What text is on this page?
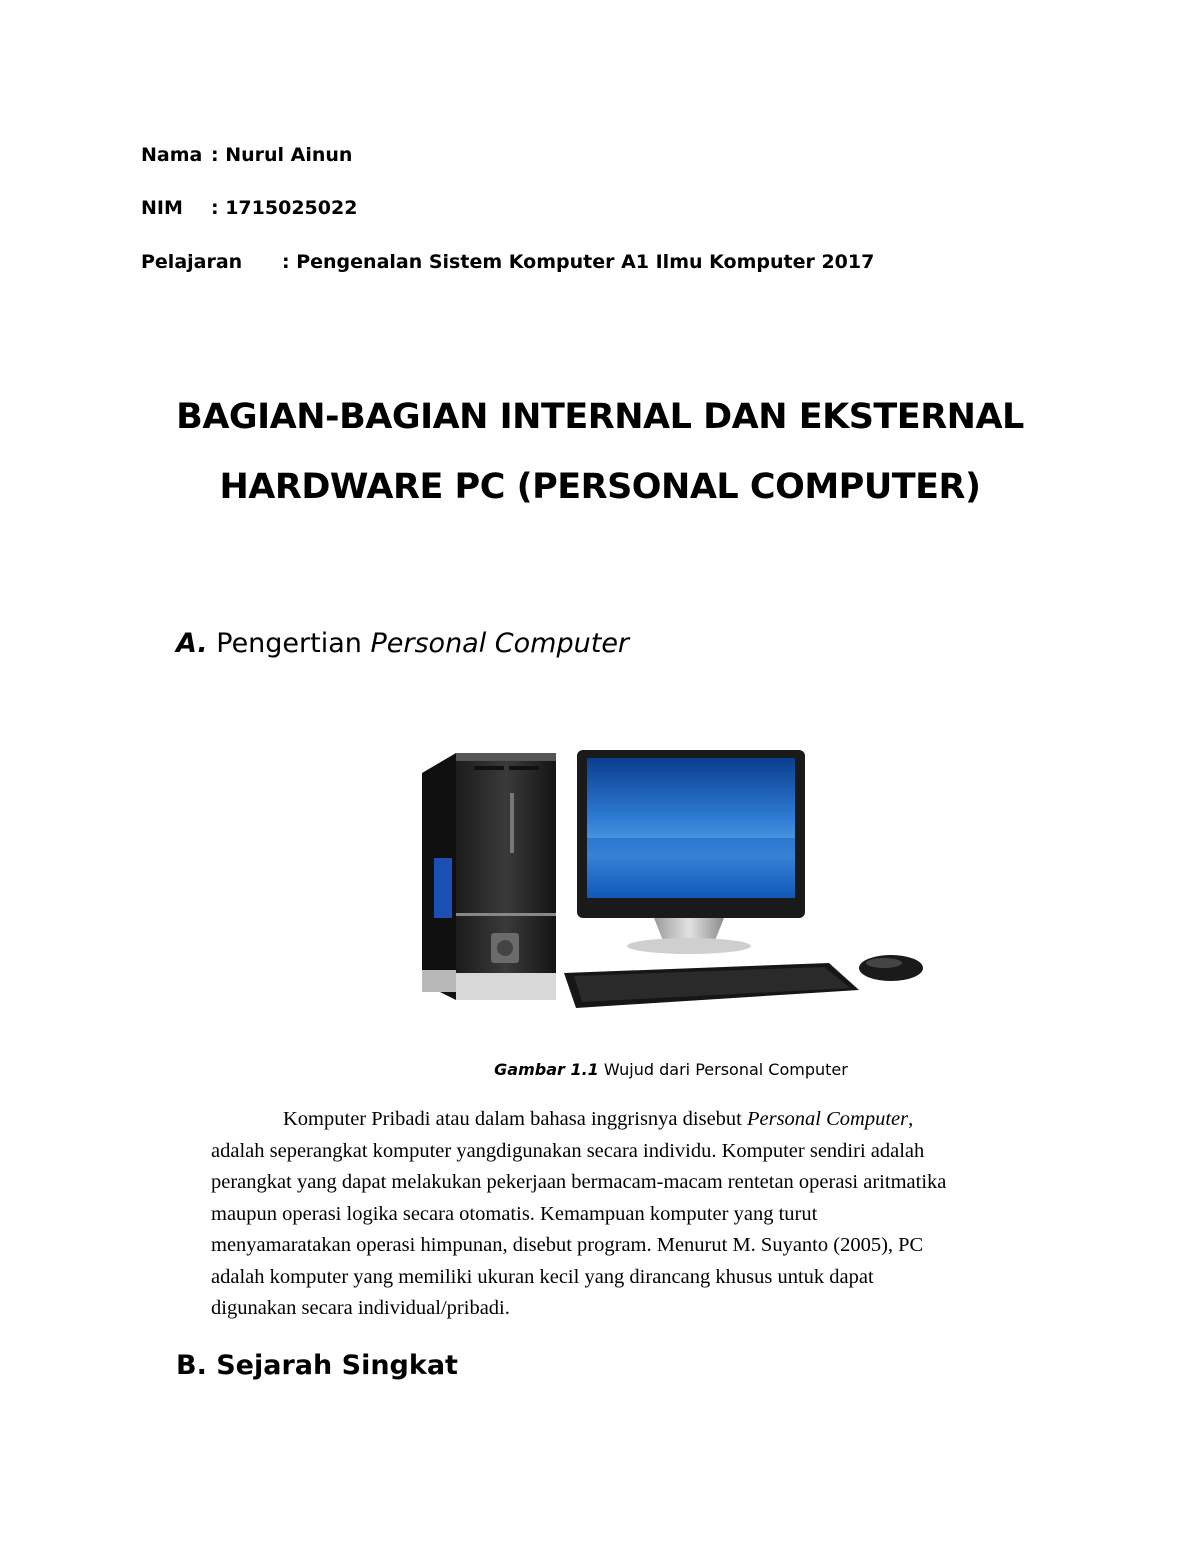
Nama : Nurul Ainun
NIM : 1715025022
Pelajaran : Pengenalan Sistem Komputer A1 Ilmu Komputer 2017
BAGIAN-BAGIAN INTERNAL DAN EKSTERNAL
HARDWARE PC (PERSONAL COMPUTER)
A. Pengertian Personal Computer
Gambar 1.1 Wujud dari Personal Computer
Komputer Pribadi atau dalam bahasa inggrisnya disebut Personal Computer,
adalah seperangkat komputer yangdigunakan secara individu. Komputer sendiri adalah
perangkat yang dapat melakukan pekerjaan bermacam-macam rentetan operasi aritmatika
maupun operasi logika secara otomatis. Kemampuan komputer yang turut
menyamaratakan operasi himpunan, disebut program. Menurut M. Suyanto (2005), PC
adalah komputer yang memiliki ukuran kecil yang dirancang khusus untuk dapat
digunakan secara individual/pribadi.
B. Sejarah Singkat
